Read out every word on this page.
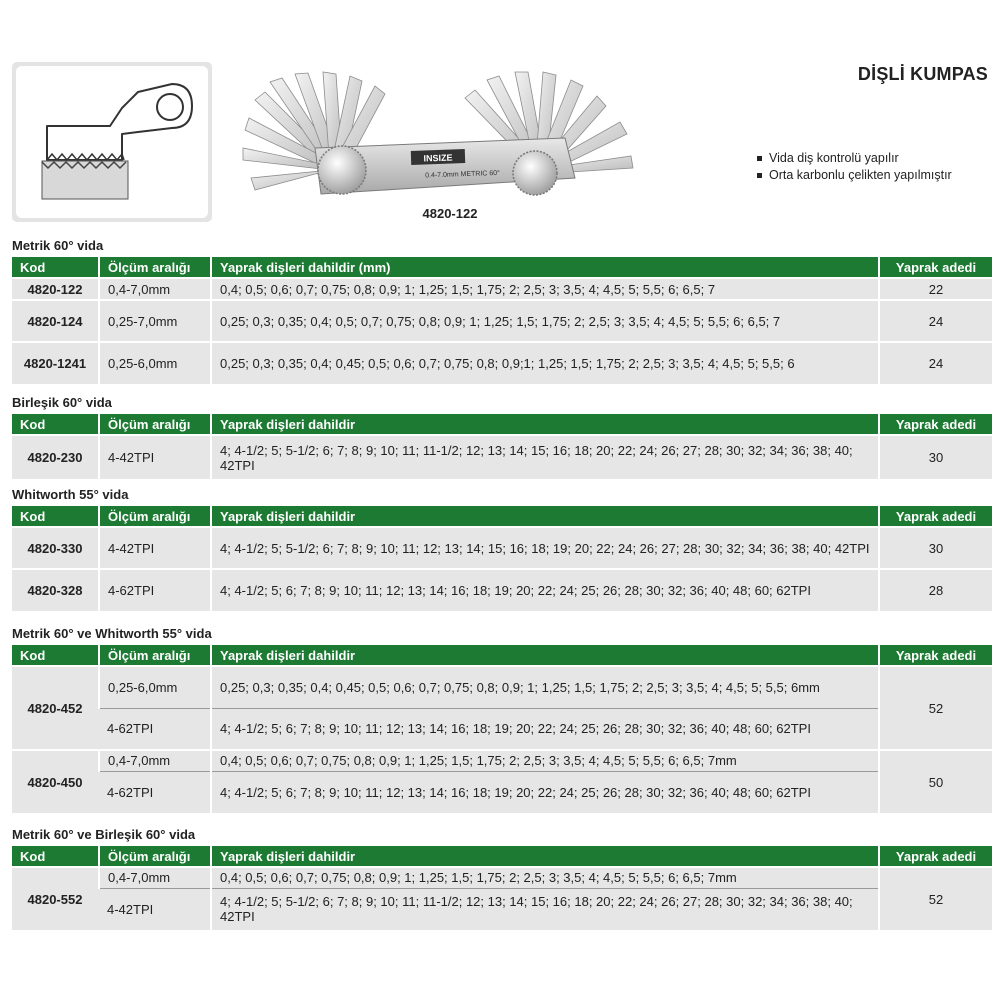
INSIZE
0.4-7.0mm METRIC 60°
4820-122
DİŞLİ KUMPAS
Vida diş kontrolü yapılır
Orta karbonlu çelikten yapılmıştır
Metrik 60° vida
Kod	Ölçüm aralığı	Yaprak dişleri dahildir (mm)	Yaprak adedi
4820-122	0,4-7,0mm	0,4; 0,5; 0,6; 0,7; 0,75; 0,8; 0,9; 1; 1,25; 1,5; 1,75; 2; 2,5; 3; 3,5; 4; 4,5; 5; 5,5; 6; 6,5; 7	22
4820-124	0,25-7,0mm	0,25; 0,3; 0,35; 0,4; 0,5; 0,7; 0,75; 0,8; 0,9; 1; 1,25; 1,5; 1,75; 2; 2,5; 3; 3,5; 4; 4,5; 5; 5,5; 6; 6,5; 7	24
4820-1241	0,25-6,0mm	0,25; 0,3; 0,35; 0,4; 0,45; 0,5; 0,6; 0,7; 0,75; 0,8; 0,9;1; 1,25; 1,5; 1,75; 2; 2,5; 3; 3,5; 4; 4,5; 5; 5,5; 6	24
Birleşik 60° vida
Kod	Ölçüm aralığı	Yaprak dişleri dahildir	Yaprak adedi
4820-230	4-42TPI	4; 4-1/2; 5; 5-1/2; 6; 7; 8; 9; 10; 11; 11-1/2; 12; 13; 14; 15; 16; 18; 20; 22; 24; 26; 27; 28; 30; 32; 34; 36; 38; 40; 42TPI	30
Whitworth 55° vida
Kod	Ölçüm aralığı	Yaprak dişleri dahildir	Yaprak adedi
4820-330	4-42TPI	4; 4-1/2; 5; 5-1/2; 6; 7; 8; 9; 10; 11; 12; 13; 14; 15; 16; 18; 19; 20; 22; 24; 26; 27; 28; 30; 32; 34; 36; 38; 40; 42TPI	30
4820-328	4-62TPI	4; 4-1/2; 5; 6; 7; 8; 9; 10; 11; 12; 13; 14; 16; 18; 19; 20; 22; 24; 25; 26; 28; 30; 32; 36; 40; 48; 60; 62TPI	28
Metrik 60° ve Whitworth 55° vida
Kod	Ölçüm aralığı	Yaprak dişleri dahildir	Yaprak adedi
4820-452	0,25-6,0mm	0,25; 0,3; 0,35; 0,4; 0,45; 0,5; 0,6; 0,7; 0,75; 0,8; 0,9; 1; 1,25; 1,5; 1,75; 2; 2,5; 3; 3,5; 4; 4,5; 5; 5,5; 6mm	52
	4-62TPI	4; 4-1/2; 5; 6; 7; 8; 9; 10; 11; 12; 13; 14; 16; 18; 19; 20; 22; 24; 25; 26; 28; 30; 32; 36; 40; 48; 60; 62TPI	
4820-450	0,4-7,0mm	0,4; 0,5; 0,6; 0,7; 0,75; 0,8; 0,9; 1; 1,25; 1,5; 1,75; 2; 2,5; 3; 3,5; 4; 4,5; 5; 5,5; 6; 6,5; 7mm	50
	4-62TPI	4; 4-1/2; 5; 6; 7; 8; 9; 10; 11; 12; 13; 14; 16; 18; 19; 20; 22; 24; 25; 26; 28; 30; 32; 36; 40; 48; 60; 62TPI	
Metrik 60° ve Birleşik 60° vida
Kod	Ölçüm aralığı	Yaprak dişleri dahildir	Yaprak adedi
4820-552	0,4-7,0mm	0,4; 0,5; 0,6; 0,7; 0,75; 0,8; 0,9; 1; 1,25; 1,5; 1,75; 2; 2,5; 3; 3,5; 4; 4,5; 5; 5,5; 6; 6,5; 7mm	52
	4-42TPI	4; 4-1/2; 5; 5-1/2; 6; 7; 8; 9; 10; 11; 11-1/2; 12; 13; 14; 15; 16; 18; 20; 22; 24; 26; 27; 28; 30; 32; 34; 36; 38; 40; 42TPI	
